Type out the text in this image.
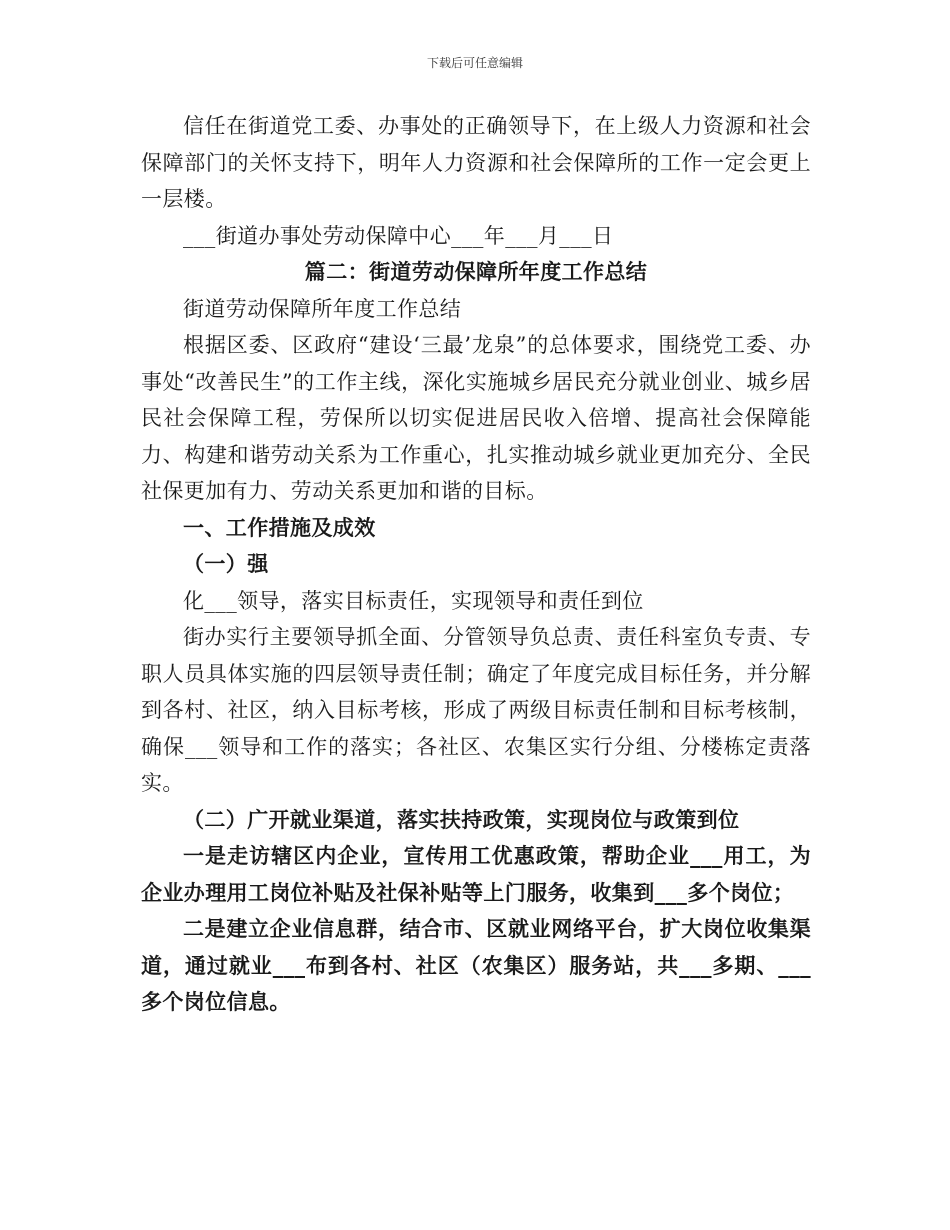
下载后可任意编辑

信任在街道党工委、办事处的正确领导下，在上级人力资源和社会保障部门的关怀支持下，明年人力资源和社会保障所的工作一定会更上一层楼。

___街道办事处劳动保障中心___年___月___日

篇二：街道劳动保障所年度工作总结

街道劳动保障所年度工作总结

根据区委、区政府“建设‘三最’龙泉”的总体要求，围绕党工委、办事处“改善民生”的工作主线，深化实施城乡居民充分就业创业、城乡居民社会保障工程，劳保所以切实促进居民收入倍增、提高社会保障能力、构建和谐劳动关系为工作重心，扎实推动城乡就业更加充分、全民社保更加有力、劳动关系更加和谐的目标。

一、工作措施及成效

（一）强

化___领导，落实目标责任，实现领导和责任到位

街办实行主要领导抓全面、分管领导负总责、责任科室负专责、专职人员具体实施的四层领导责任制；确定了年度完成目标任务，并分解到各村、社区，纳入目标考核，形成了两级目标责任制和目标考核制，确保___领导和工作的落实；各社区、农集区实行分组、分楼栋定责落实。

（二）广开就业渠道，落实扶持政策，实现岗位与政策到位

一是走访辖区内企业，宣传用工优惠政策，帮助企业___用工，为企业办理用工岗位补贴及社保补贴等上门服务，收集到___多个岗位；

二是建立企业信息群，结合市、区就业网络平台，扩大岗位收集渠道，通过就业___布到各村、社区（农集区）服务站，共___多期、___多个岗位信息。
